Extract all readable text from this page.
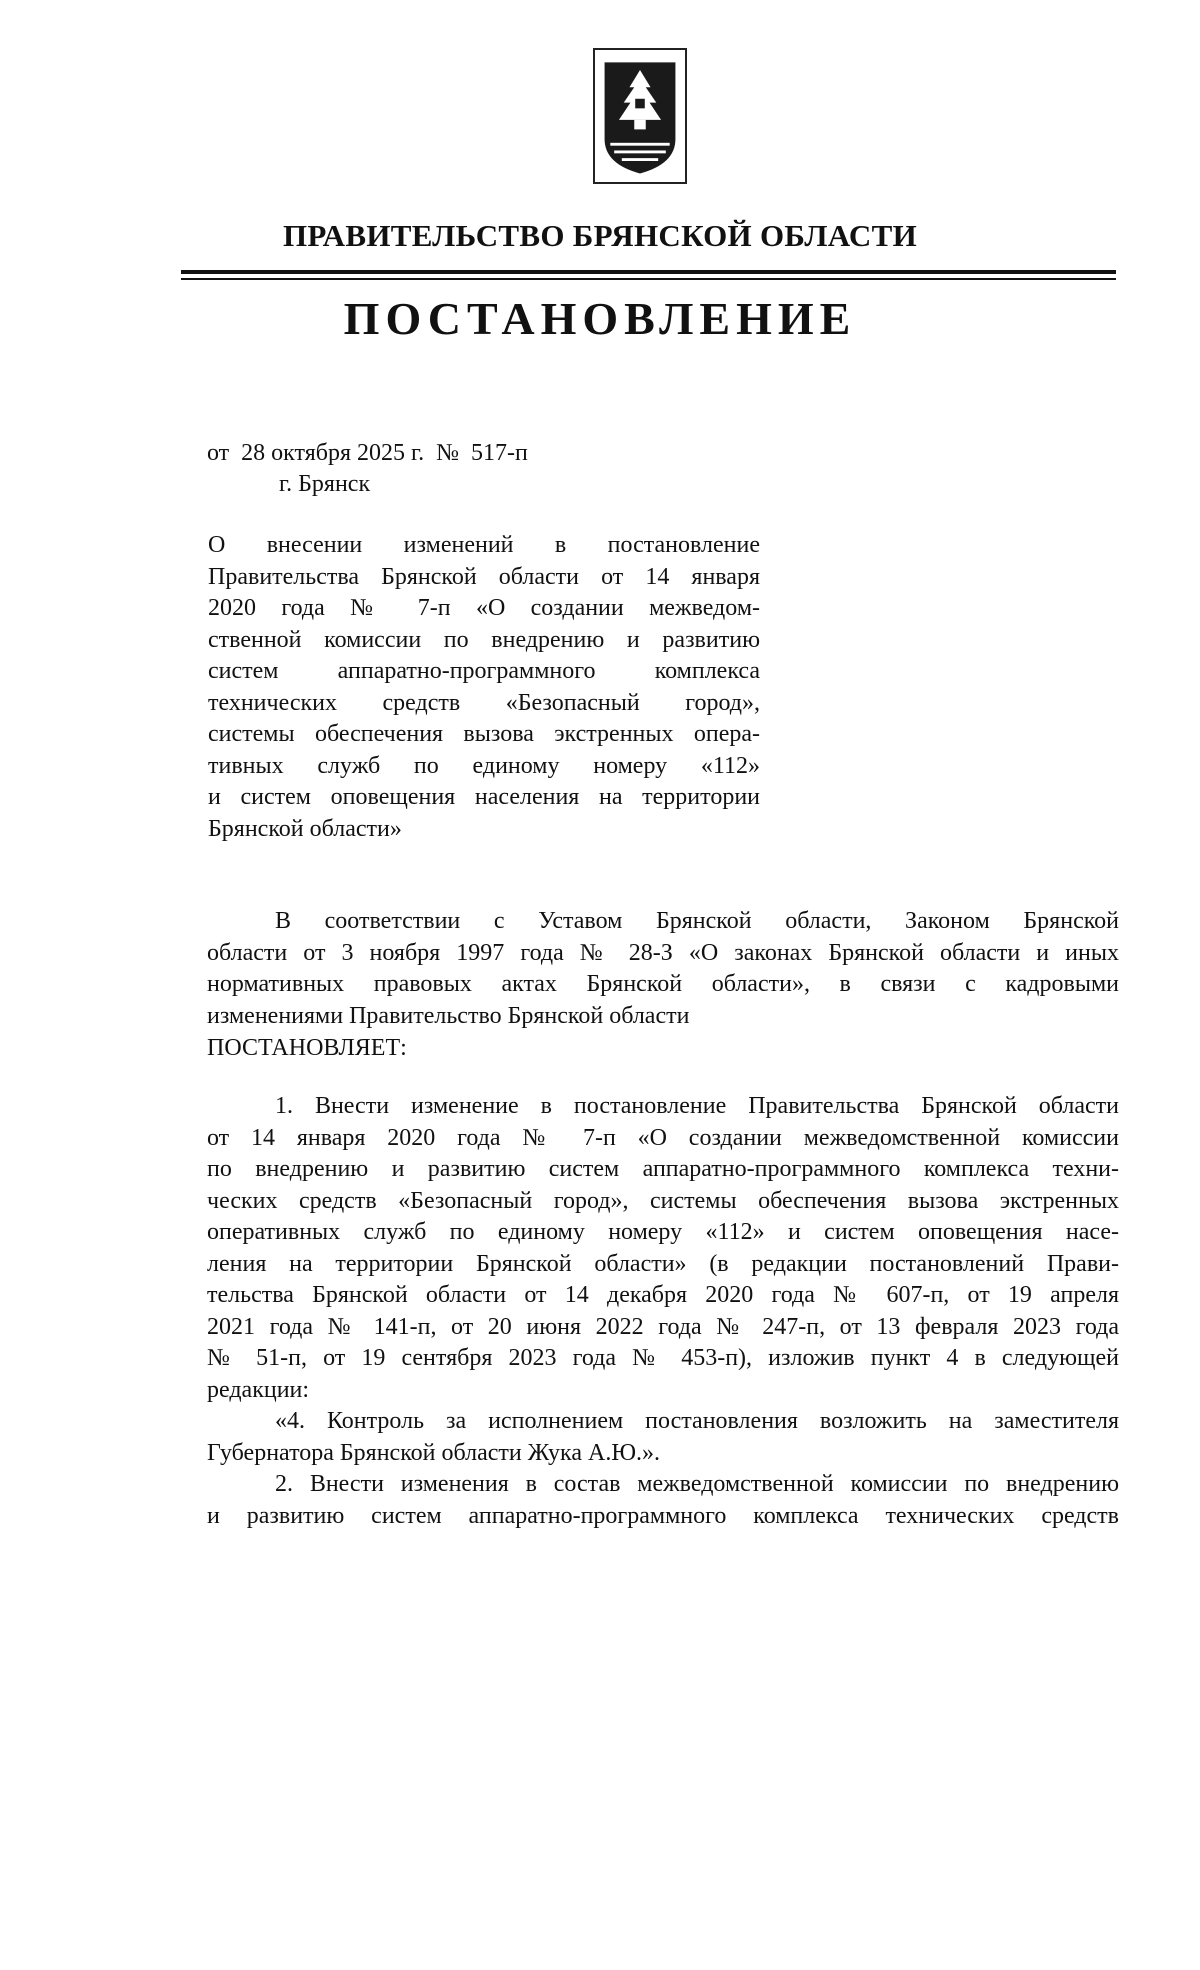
ПРАВИТЕЛЬСТВО БРЯНСКОЙ ОБЛАСТИ
ПОСТАНОВЛЕНИЕ
от  28 октября 2025 г.  №  517-п
г. Брянск
О внесении изменений в постановление
Правительства Брянской области от 14 января
2020 года № 7-п «О создании межведом-
ственной комиссии по внедрению и развитию
систем аппаратно-программного комплекса
технических средств «Безопасный город»,
системы обеспечения вызова экстренных опера-
тивных служб по единому номеру «112»
и систем оповещения населения на территории
Брянской области»
В соответствии с Уставом Брянской области, Законом Брянской
области от 3 ноября 1997 года № 28-З «О законах Брянской области и иных
нормативных правовых актах Брянской области», в связи с кадровыми
изменениями Правительство Брянской области
ПОСТАНОВЛЯЕТ:
1. Внести изменение в постановление Правительства Брянской области
от 14 января 2020 года № 7-п «О создании межведомственной комиссии
по внедрению и развитию систем аппаратно-программного комплекса техни-
ческих средств «Безопасный город», системы обеспечения вызова экстренных
оперативных служб по единому номеру «112» и систем оповещения насе-
ления на территории Брянской области» (в редакции постановлений Прави-
тельства Брянской области от 14 декабря 2020 года № 607-п, от 19 апреля
2021 года № 141-п, от 20 июня 2022 года № 247-п, от 13 февраля 2023 года
№ 51-п, от 19 сентября 2023 года № 453-п), изложив пункт 4 в следующей
редакции:
«4. Контроль за исполнением постановления возложить на заместителя
Губернатора Брянской области Жука А.Ю.».
2. Внести изменения в состав межведомственной комиссии по внедрению
и развитию систем аппаратно-программного комплекса технических средств
